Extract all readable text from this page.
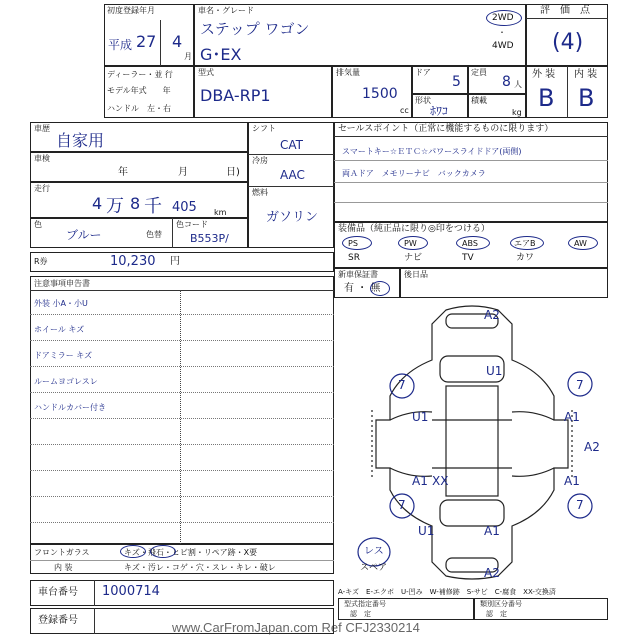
初度登録年月
平成 27 4
月
車名・グレード
ステップ ワゴン
G･EX
2WD
・
4WD
評　価　点
(4)
ディーラー・並 行
モデル年式　　年
ハンドル　左・右
型式
DBA-RP1
排気量
1500
cc
ドア
5
定員
8 人
形状
ﾎﾜｺ
積載
kg
外 装 内 装
B B
車歴
自家用
車検
年	月	日)
走行
4 万 8 千 405 km
色
ブルー	色替
色コード
B553P/
シフト
CAT
冷房
AAC
燃料
ガソリン
R券	10,230 円
セールスポイント（正常に機能するものに限ります）
スマートキー☆ＥＴＣ☆パワースライドドア(両側)
両Ａドア　メモリーナビ　バックカメラ
装備品（純正品に限り◎印をつける）
PS	PW	ABS	エアB	AW
SR	ナビ	TV	カワ
新車保証書
有 ・ 無
後日品
注意事項申告書
外装 小A・小U
ホイール キズ
ドアミラー キズ
ルームヨゴレスレ
ハンドルカバー付き
フロントガラス	キズ・飛石・ヒビ割・リペア跡・X要
内 装	キズ・汚レ・コゲ・穴・スレ・キレ・破レ
車台番号 1000714
登録番号
A2
U1
7	7
U1	A1
A2
A1 XX	A1
7	7
U1	A1
A2
レス
スペア
A-キズ　E-エクボ　U-凹み　W-補修跡　S-サビ　C-腐食　XX-交換済
型式指定番号
認　定
類別区分番号
認　定
www.CarFromJapan.com Ref CFJ2330214
